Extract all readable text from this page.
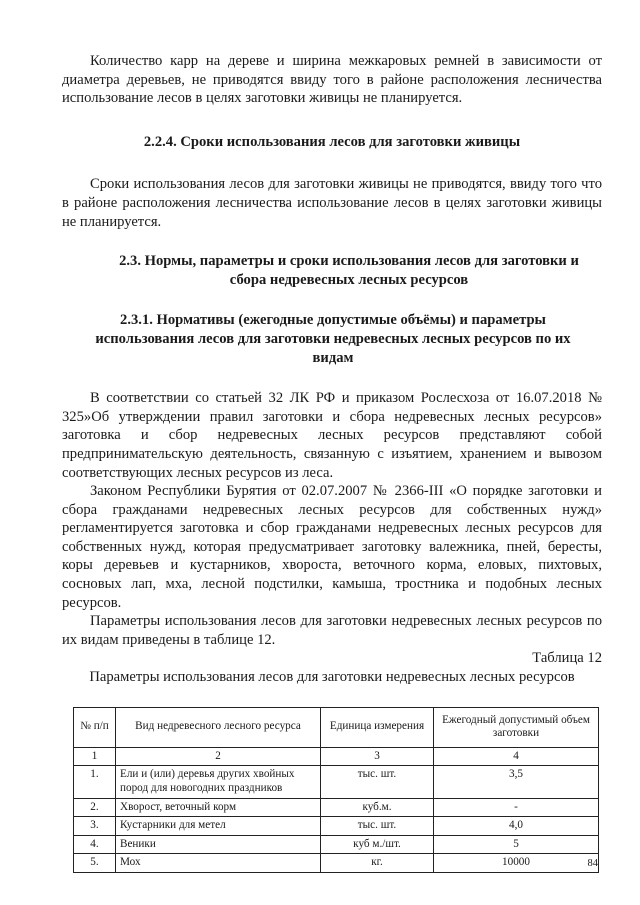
Количество карр на дереве и ширина межкаровых ремней в зависимости от диаметра деревьев, не приводятся ввиду того в районе расположения лесничества использование лесов в целях заготовки живицы не планируется.

2.2.4. Сроки использования лесов для заготовки живицы

Сроки использования лесов для заготовки живицы не приводятся, ввиду того что в районе расположения лесничества использование лесов в целях заготовки живицы не планируется.

2.3. Нормы, параметры и сроки использования лесов для заготовки и сбора недревесных лесных ресурсов
2.3.1. Нормативы (ежегодные допустимые объёмы) и параметры использования лесов для заготовки недревесных лесных ресурсов по их видам

В соответствии со статьей 32 ЛК РФ и приказом Рослесхоза от 16.07.2018 № 325»Об утверждении правил заготовки и сбора недревесных лесных ресурсов» заготовка и сбор недревесных лесных ресурсов представляют собой предпринимательскую деятельность, связанную с изъятием, хранением и вывозом соответствующих лесных ресурсов из леса.

Законом Республики Бурятия от 02.07.2007 № 2366-III «О порядке заготовки и сбора гражданами недревесных лесных ресурсов для собственных нужд» регламентируется заготовка и сбор гражданами недревесных лесных ресурсов для собственных нужд, которая предусматривает заготовку валежника, пней, бересты, коры деревьев и кустарников, хвороста, веточного корма, еловых, пихтовых, сосновых лап, мха, лесной подстилки, камыша, тростника и подобных лесных ресурсов.

Параметры использования лесов для заготовки недревесных лесных ресурсов по их видам приведены в таблице 12.

Таблица 12
Параметры использования лесов для заготовки недревесных лесных ресурсов
№ п/п	Вид недревесного лесного ресурса	Единица измерения	Ежегодный допустимый объем заготовки
1	2	3	4
1.	Ели и (или) деревья других хвойных пород для новогодних праздников	тыс. шт.	3,5
2.	Хворост, веточный корм	куб.м.	-
3.	Кустарники для метел	тыс. шт.	4,0
4.	Веники	куб м./шт.	5
5.	Мох	кг.	10000	84
